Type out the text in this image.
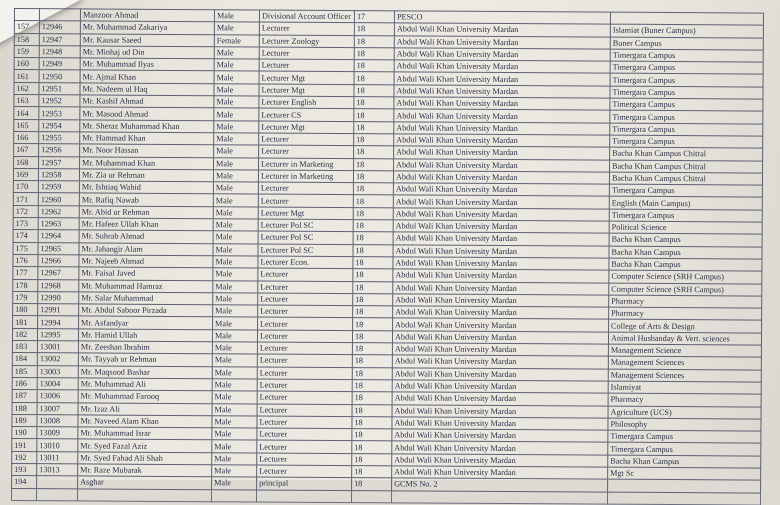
		Manzoor Ahmad	Male	Divisional Account Officer	17	PESCO	
157	12946	Mr. Muhammad Zakariya	Male	Lecturer	18	Abdul Wali Khan University Mardan	Islamiat (Buner Campus)
158	12947	Mr. Kausar Saeed	Female	Lecturer Zoology	18	Abdul Wali Khan University Mardan	Buner Campus
159	12948	Mr. Minhaj ud Din	Male	Lecturer	18	Abdul Wali Khan University Mardan	Timergara Campus
160	12949	Mr. Muhammad Ilyas	Male	Lecturer	18	Abdul Wali Khan University Mardan	Timergara Campus
161	12950	Mr. Ajmal Khan	Male	Lecturer Mgt	18	Abdul Wali Khan University Mardan	Timergara Campus
162	12951	Mr. Nadeem ul Haq	Male	Lecturer Mgt	18	Abdul Wali Khan University Mardan	Timergara Campus
163	12952	Mr. Kashif Ahmad	Male	Lecturer English	18	Abdul Wali Khan University Mardan	Timergara Campus
164	12953	Mr. Masood Ahmad	Male	Lecturer CS	18	Abdul Wali Khan University Mardan	Timergara Campus
165	12954	Mr. Sheraz Muhammad Khan	Male	Lecturer Mgt	18	Abdul Wali Khan University Mardan	Timergara Campus
166	12955	Mr. Hammad Khan	Male	Lecturer	18	Abdul Wali Khan University Mardan	Timergara Campus
167	12956	Mr. Noor Hassan	Male	Lecturer	18	Abdul Wali Khan University Mardan	Bacha Khan Campus Chitral
168	12957	Mr. Muhammad Khan	Male	Lecturer in Marketing	18	Abdul Wali Khan University Mardan	Bacha Khan Campus Chitral
169	12958	Mr. Zia ur Rehman	Male	Lecturer in Marketing	18	Abdul Wali Khan University Mardan	Bacha Khan Campus Chitral
170	12959	Mr. Ishtiaq Wahid	Male	Lecturer	18	Abdul Wali Khan University Mardan	Timergara Campus
171	12960	Mr. Rafiq Nawab	Male	Lecturer	18	Abdul Wali Khan University Mardan	English (Main Campus)
172	12962	Mr. Abid ur Rehman	Male	Lecturer Mgt	18	Abdul Wali Khan University Mardan	Timergara Campus
173	12963	Mr. Hafeez Ullah Khan	Male	Lecturer Pol SC	18	Abdul Wali Khan University Mardan	Political Science
174	12964	Mr. Suhrab Ahmad	Male	Lecturer Pol SC	18	Abdul Wali Khan University Mardan	Bacha Khan Campus
175	12965	Mr. Jahangir Alam	Male	Lecturer Pol SC	18	Abdul Wali Khan University Mardan	Bacha Khan Campus
176	12966	Mr. Najeeb Ahmad	Male	Lecturer Econ.	18	Abdul Wali Khan University Mardan	Bacha Khan Campus
177	12967	Mr. Faisal Javed	Male	Lecturer	18	Abdul Wali Khan University Mardan	Computer Science (SRH Campus)
178	12968	Mr. Muhammad Hamraz	Male	Lecturer	18	Abdul Wali Khan University Mardan	Computer Science (SRH Campus)
179	12990	Mr. Salar Muhammad	Male	Lecturer	18	Abdul Wali Khan University Mardan	Pharmacy
180	12991	Mr. Abdul Saboor Pirzada	Male	Lecturer	18	Abdul Wali Khan University Mardan	Pharmacy
181	12994	Mr. Asfandyar	Male	Lecturer	18	Abdul Wali Khan University Mardan	College of Arts & Design
182	12995	Mr. Hamid Ullah	Male	Lecturer	18	Abdul Wali Khan University Mardan	Animal Husbanday & Vert. sciences
183	13001	Mr. Zeeshan Ibrahim	Male	Lecturer	18	Abdul Wali Khan University Mardan	Management Science
184	13002	Mr. Tayyab ur Rehman	Male	Lecturer	18	Abdul Wali Khan University Mardan	Management Sciences
185	13003	Mr. Maqsood Bashar	Male	Lecturer	18	Abdul Wali Khan University Mardan	Management Sciences
186	13004	Mr. Muhammad Ali	Male	Lecturer	18	Abdul Wali Khan University Mardan	Islamiyat
187	13006	Mr. Muhammad Farooq	Male	Lecturer	18	Abdul Wali Khan University Mardan	Pharmacy
188	13007	Mr. Izaz Ali	Male	Lecturer	18	Abdul Wali Khan University Mardan	Agriculture (UCS)
189	13008	Mr. Naveed Alam Khan	Male	Lecturer	18	Abdul Wali Khan University Mardan	Philosophy
190	13009	Mr. Muhammad Israr	Male	Lecturer	18	Abdul Wali Khan University Mardan	Timergara Campus
191	13010	Mr. Syed Fazal Aziz	Male	Lecturer	18	Abdul Wali Khan University Mardan	Timergara Campus
192	13011	Mr. Syed Fahad Ali Shah	Male	Lecturer	18	Abdul Wali Khan University Mardan	Bacha Khan Campus
193	13013	Mr. Raze Mubarak	Male	Lecturer	18	Abdul Wali Khan University Mardan	Mgt Sc
194		Asghar	Male	principal	18	GCMS No. 2	
